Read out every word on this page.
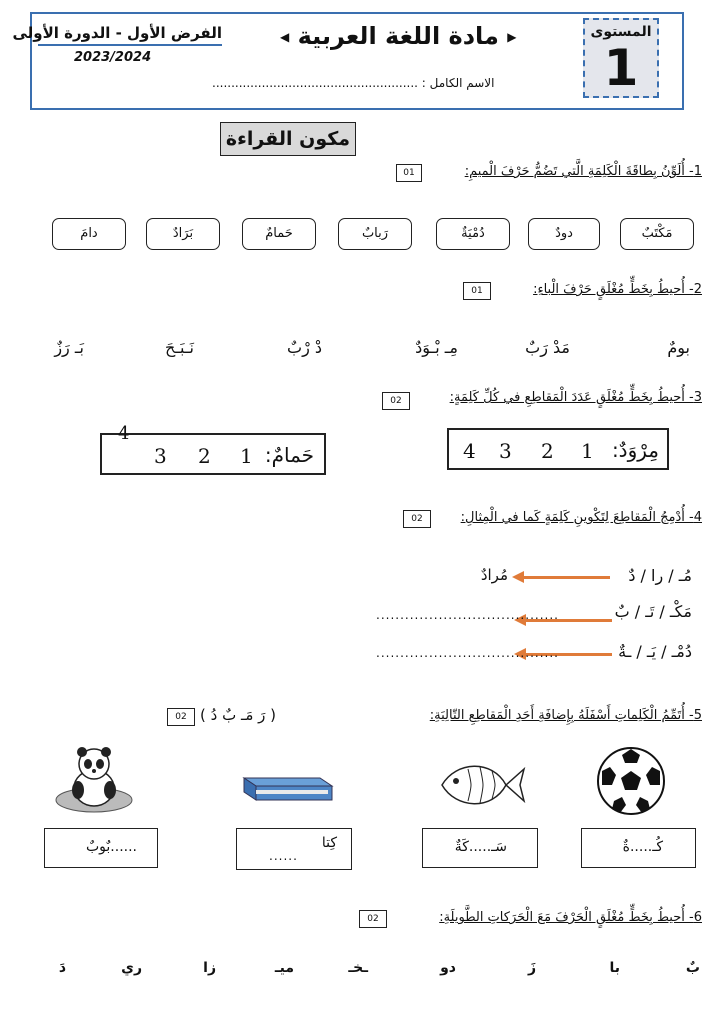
المستوى
1
◀ مادة اللغة العربية ▶
الفرض الأول - الدورة الأولى
2023/2024
الاسم الكامل : ......................................................
مكون القراءة
1- أُلَوِّنُ بِطاقَةَ الْكَلِمَةِ الَّتي تَضُمُّ حَرْفَ الْميمِ:
01
مَكْتَبٌ
دودٌ
دُمْيَةٌ
رَبابٌ
حَمامٌ
بَرَادٌ
دامَ
2- أُحيطُ بِخَطٍّ مُغْلَقٍ حَرْفَ الْباءِ:
01
بومٌ
مَدْ رَبٌ
مِـ بْـوَدٌ
دْ رْبٌ
نَـبَـحَ
بَـ رَزٌ
3- أُحيطُ بِخَطٍّ مُغْلَقٍ عَدَدَ الْمَقاطِعِ في كُلِّ كَلِمَةٍ:
02
مِرْوَدٌ:
1
2
3
4
حَمامٌ:
1
2
3
4
4- أُدْمِجُ الْمَقاطِعَ لِتَكْوينِ كَلِمَةٍ كَما في الْمِثالِ:
02
مُـ / را / دٌ
مُرادٌ
مَكْـ / تَـ / بٌ
......................................
دُمْـ / يَـ / ـةٌ
......................................
5- أُتَمِّمُ الْكَلِماتِ أَسْفَلَهُ بِإِضافَةِ أَحَدِ الْمَقاطِعِ التّالِيَةِ:
( رَ مَـ بٌ دُ )
02
كُـ.....ةٌ
سَـ.....كَةٌ
كِتا
......
......بٌوبٌ
6- أُحيطُ بِخَطٍّ مُغْلَقٍ الْحَرْفَ مَعَ الْحَرَكاتِ الطَّويلَةِ:
02
بٌ
با
زَ
دو
ـخـ
ميـ
زا
ري
دَ
